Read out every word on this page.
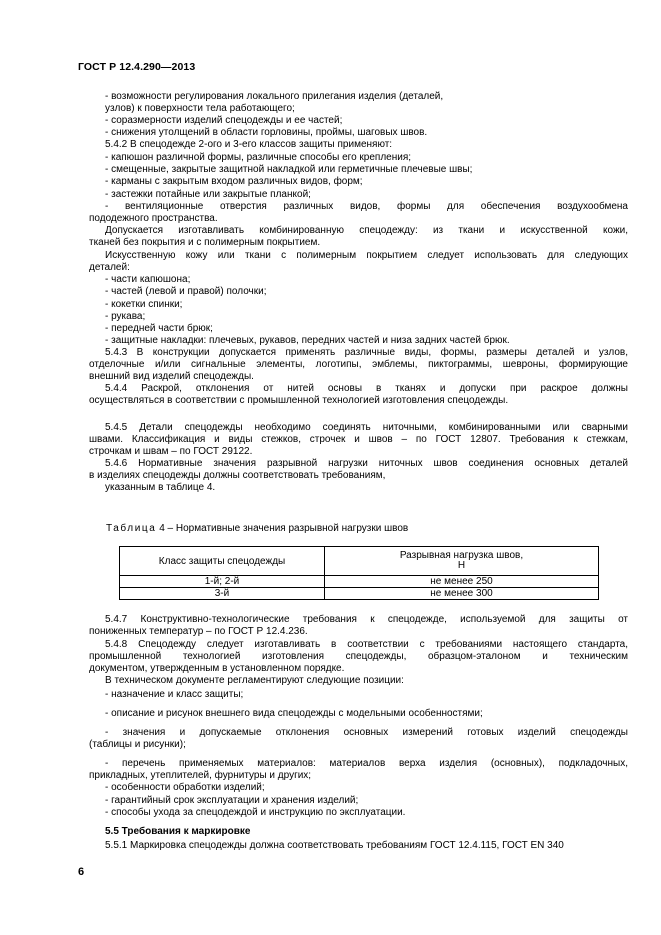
ГОСТ Р 12.4.290—2013
- возможности регулирования локального прилегания изделия (деталей,
узлов) к поверхности тела работающего;
- соразмерности изделий спецодежды и ее частей;
- снижения утолщений в области горловины, проймы, шаговых швов.
5.4.2 В спецодежде 2-ого и 3-его классов защиты применяют:
- капюшон различной формы, различные способы его крепления;
- смещенные, закрытые защитной накладкой или герметичные плечевые швы;
- карманы с закрытым входом различных видов, форм;
- застежки потайные или закрытые планкой;
- вентиляционные отверстия различных видов, формы для обеспечения воздухообмена
пододежного пространства.
Допускается изготавливать комбинированную спецодежду: из ткани и искусственной кожи,
тканей без покрытия и с полимерным покрытием.
Искусственную кожу или ткани с полимерным покрытием следует использовать для следующих
деталей:
- части капюшона;
- частей (левой и правой) полочки;
- кокетки спинки;
- рукава;
- передней части брюк;
- защитные накладки: плечевых, рукавов, передних частей и низа задних частей брюк.
5.4.3 В конструкции допускается применять различные виды, формы, размеры деталей и узлов,
отделочные и/или сигнальные элементы, логотипы, эмблемы, пиктограммы, шевроны, формирующие
внешний вид изделий спецодежды.
5.4.4 Раскрой, отклонения от нитей основы в тканях и допуски при раскрое должны
осуществляться в соответствии с промышленной технологией изготовления спецодежды.
5.4.5 Детали спецодежды необходимо соединять ниточными, комбинированными или сварными
швами. Классификация и виды стежков, строчек и швов – по ГОСТ 12807. Требования к стежкам,
строчкам и швам – по ГОСТ 29122.
5.4.6 Нормативные значения разрывной нагрузки ниточных швов соединения основных деталей
в изделиях спецодежды должны соответствовать требованиям,
указанным в таблице 4.
Таблица 4 – Нормативные значения разрывной нагрузки швов
Класс защиты спецодежды	Разрывная нагрузка швов,
Н
1-й; 2-й	не менее 250
3-й	не менее 300
5.4.7 Конструктивно-технологические требования к спецодежде, используемой для защиты от
пониженных температур – по ГОСТ Р 12.4.236.
5.4.8 Спецодежду следует изготавливать в соответствии с требованиями настоящего стандарта,
промышленной технологией изготовления спецодежды, образцом-эталоном и техническим
документом, утвержденным в установленном порядке.
В техническом документе регламентируют следующие позиции:
- назначение и класс защиты;
- описание и рисунок внешнего вида спецодежды с модельными особенностями;
- значения и допускаемые отклонения основных измерений готовых изделий спецодежды
(таблицы и рисунки);
- перечень применяемых материалов: материалов верха изделия (основных), подкладочных,
прикладных, утеплителей, фурнитуры и других;
- особенности обработки изделий;
- гарантийный срок эксплуатации и хранения изделий;
- способы ухода за спецодеждой и инструкцию по эксплуатации.
5.5 Требования к маркировке
5.5.1 Маркировка спецодежды должна соответствовать требованиям ГОСТ 12.4.115, ГОСТ EN 340
6
